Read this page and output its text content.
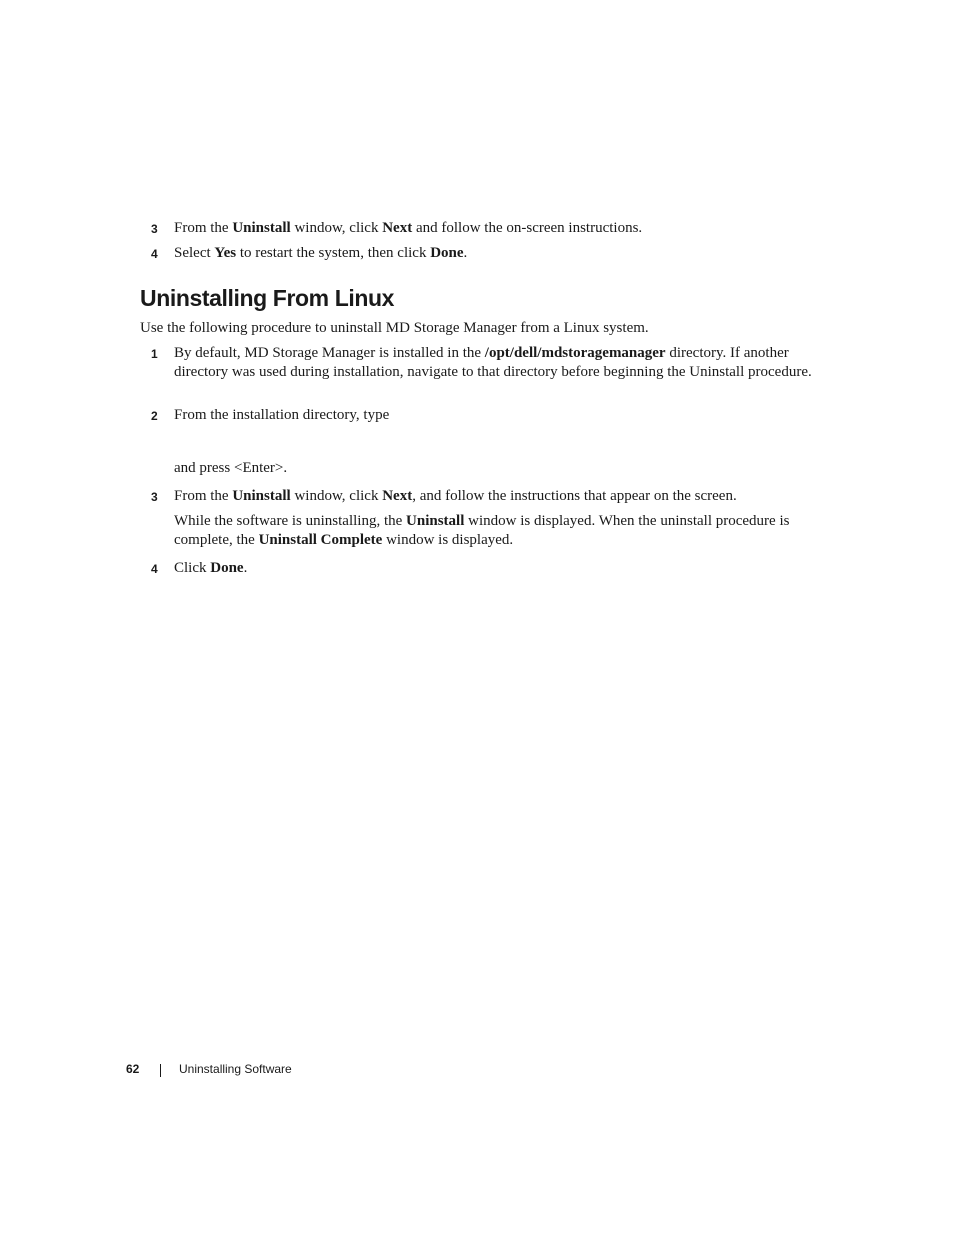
3 From the Uninstall window, click Next and follow the on-screen instructions.
4 Select Yes to restart the system, then click Done.
Uninstalling From Linux
Use the following procedure to uninstall MD Storage Manager from a Linux system.
1 By default, MD Storage Manager is installed in the /opt/dell/mdstoragemanager directory. If another directory was used during installation, navigate to that directory before beginning the Uninstall procedure.
2 From the installation directory, type
and press <Enter>.
3 From the Uninstall window, click Next, and follow the instructions that appear on the screen.
While the software is uninstalling, the Uninstall window is displayed. When the uninstall procedure is complete, the Uninstall Complete window is displayed.
4 Click Done.
62	Uninstalling Software
